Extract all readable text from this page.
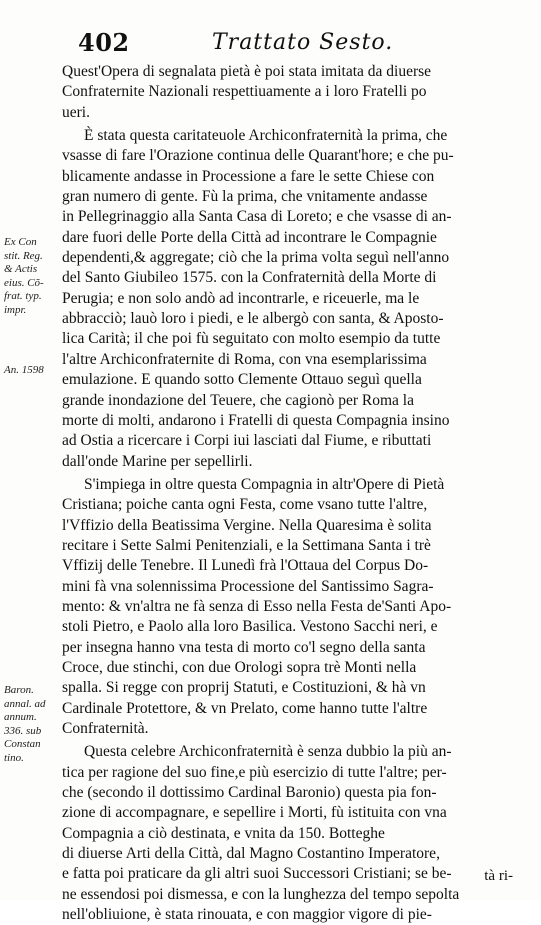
402	Trattato Sesto.
Ex Con
stit. Reg.
& Actis
eius. Cõ-
frat. typ.
impr.
An. 1598
Baron.
annal. ad
annum.
336. sub
Constan
tino.
Quest'Opera di segnalata pietà è poi stata imitata da diuerse
Confraternite Nazionali respettiuamente a i loro Fratelli po
ueri.
È stata questa caritateuole Archiconfraternità la prima, che
vsasse di fare l'Orazione continua delle Quarant'hore; e che pu-
blicamente andasse in Processione a fare le sette Chiese con
gran numero di gente. Fù la prima, che vnitamente andasse
in Pellegrinaggio alla Santa Casa di Loreto; e che vsasse di an-
dare fuori delle Porte della Città ad incontrare le Compagnie
dependenti,& aggregate; ciò che la prima volta seguì nell'anno
del Santo Giubileo 1575. con la Confraternità della Morte di
Perugia; e non solo andò ad incontrarle, e riceuerle, ma le
abbracciò; lauò loro i piedi, e le albergò con santa, & Aposto-
lica Carità; il che poi fù seguitato con molto esempio da tutte
l'altre Archiconfraternite di Roma, con vna esemplarissima
emulazione. E quando sotto Clemente Ottauo seguì quella
grande inondazione del Teuere, che cagionò per Roma la
morte di molti, andarono i Fratelli di questa Compagnia insino
ad Ostia a ricercare i Corpi iui lasciati dal Fiume, e ributtati
dall'onde Marine per sepellirli.
S'impiega in oltre questa Compagnia in altr'Opere di Pietà
Cristiana; poiche canta ogni Festa, come vsano tutte l'altre,
l'Vffizio della Beatissima Vergine. Nella Quaresima è solita
recitare i Sette Salmi Penitenziali, e la Settimana Santa i trè
Vffizij delle Tenebre. Il Lunedì frà l'Ottaua del Corpus Do-
mini fà vna solennissima Processione del Santissimo Sagra-
mento: & vn'altra ne fà senza di Esso nella Festa de'Santi Apo-
stoli Pietro, e Paolo alla loro Basilica. Vestono Sacchi neri, e
per insegna hanno vna testa di morto co'l segno della santa
Croce, due stinchi, con due Orologi sopra trè Monti nella
spalla. Si regge con proprij Statuti, e Costituzioni, & hà vn
Cardinale Protettore, & vn Prelato, come hanno tutte l'altre
Confraternità.
Questa celebre Archiconfraternità è senza dubbio la più an-
tica per ragione del suo fine,e più esercizio di tutte l'altre; per-
che (secondo il dottissimo Cardinal Baronio) questa pia fon-
zione di accompagnare, e sepellire i Morti, fù istituita con vna
Compagnia a ciò destinata, e vnita da 150. Botteghe
di diuerse Arti della Città, dal Magno Costantino Imperatore,
e fatta poi praticare da gli altri suoi Successori Cristiani; se be-
ne essendosi poi dismessa, e con la lunghezza del tempo sepolta
nell'obliuione, è stata rinouata, e con maggior vigore di pie-
tà ri-
